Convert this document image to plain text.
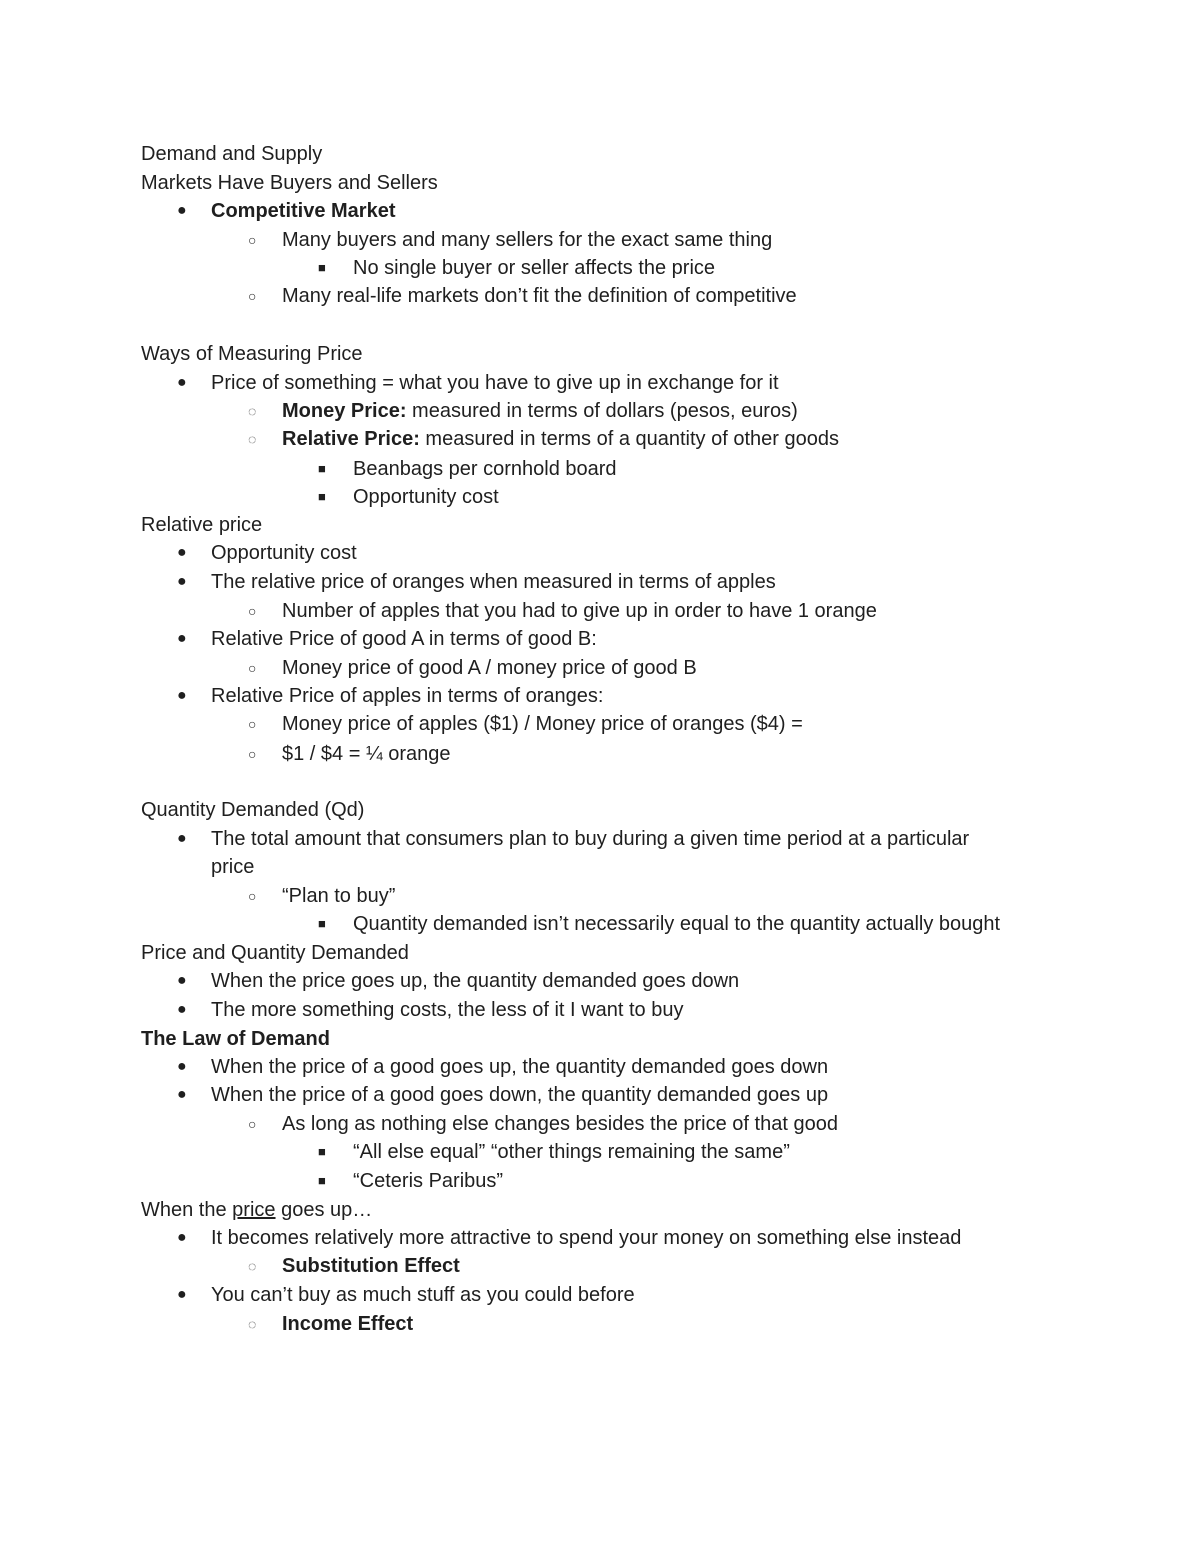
Demand and Supply
Markets Have Buyers and Sellers
● Competitive Market
○ Many buyers and many sellers for the exact same thing
■ No single buyer or seller affects the price
○ Many real-life markets don’t fit the definition of competitive
Ways of Measuring Price
● Price of something = what you have to give up in exchange for it
◌ Money Price: measured in terms of dollars (pesos, euros)
◌ Relative Price: measured in terms of a quantity of other goods
■ Beanbags per cornhold board
■ Opportunity cost
Relative price
● Opportunity cost
● The relative price of oranges when measured in terms of apples
○ Number of apples that you had to give up in order to have 1 orange
● Relative Price of good A in terms of good B:
○ Money price of good A / money price of good B
● Relative Price of apples in terms of oranges:
○ Money price of apples ($1) / Money price of oranges ($4) =
○ $1 / $4 = ¼ orange
Quantity Demanded (Qd)
● The total amount that consumers plan to buy during a given time period at a particular
price
○ “Plan to buy”
■ Quantity demanded isn’t necessarily equal to the quantity actually bought
Price and Quantity Demanded
● When the price goes up, the quantity demanded goes down
● The more something costs, the less of it I want to buy
The Law of Demand
● When the price of a good goes up, the quantity demanded goes down
● When the price of a good goes down, the quantity demanded goes up
○ As long as nothing else changes besides the price of that good
■ “All else equal” “other things remaining the same”
■ “Ceteris Paribus”
When the price goes up…
● It becomes relatively more attractive to spend your money on something else instead
◌ Substitution Effect
● You can’t buy as much stuff as you could before
◌ Income Effect
